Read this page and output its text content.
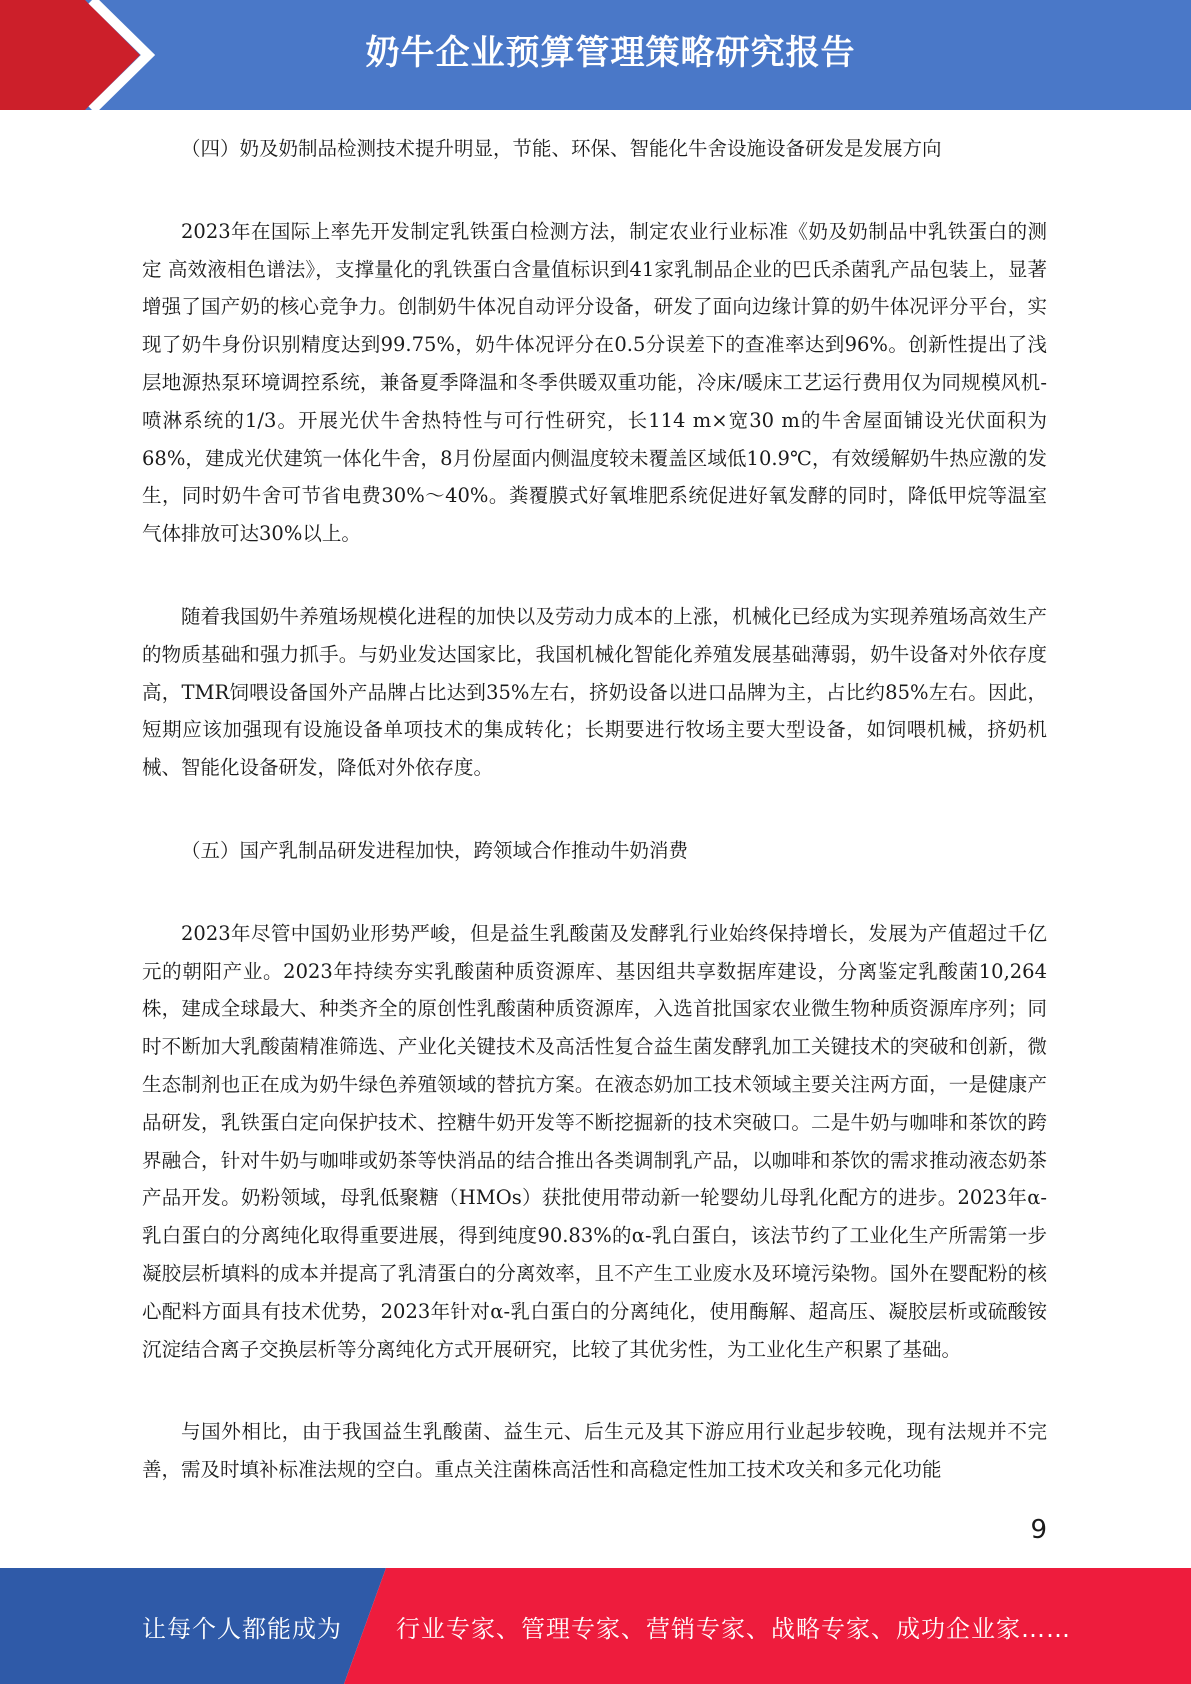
奶牛企业预算管理策略研究报告

（四）奶及奶制品检测技术提升明显，节能、环保、智能化牛舍设施设备研发是发展方向

2023年在国际上率先开发制定乳铁蛋白检测方法，制定农业行业标准《奶及奶制品中乳铁蛋白的测定 高效液相色谱法》，支撑量化的乳铁蛋白含量值标识到41家乳制品企业的巴氏杀菌乳产品包装上，显著增强了国产奶的核心竞争力。创制奶牛体况自动评分设备，研发了面向边缘计算的奶牛体况评分平台，实现了奶牛身份识别精度达到99.75%，奶牛体况评分在0.5分误差下的查准率达到96%。创新性提出了浅层地源热泵环境调控系统，兼备夏季降温和冬季供暖双重功能，冷床/暖床工艺运行费用仅为同规模风机-喷淋系统的1/3。开展光伏牛舍热特性与可行性研究，长114 m×宽30 m的牛舍屋面铺设光伏面积为68%，建成光伏建筑一体化牛舍，8月份屋面内侧温度较未覆盖区域低10.9℃，有效缓解奶牛热应激的发生，同时奶牛舍可节省电费30%～40%。粪覆膜式好氧堆肥系统促进好氧发酵的同时，降低甲烷等温室气体排放可达30%以上。

随着我国奶牛养殖场规模化进程的加快以及劳动力成本的上涨，机械化已经成为实现养殖场高效生产的物质基础和强力抓手。与奶业发达国家比，我国机械化智能化养殖发展基础薄弱，奶牛设备对外依存度高，TMR饲喂设备国外产品牌占比达到35%左右，挤奶设备以进口品牌为主，占比约85%左右。因此，短期应该加强现有设施设备单项技术的集成转化；长期要进行牧场主要大型设备，如饲喂机械，挤奶机械、智能化设备研发，降低对外依存度。

（五）国产乳制品研发进程加快，跨领域合作推动牛奶消费

2023年尽管中国奶业形势严峻，但是益生乳酸菌及发酵乳行业始终保持增长，发展为产值超过千亿元的朝阳产业。2023年持续夯实乳酸菌种质资源库、基因组共享数据库建设，分离鉴定乳酸菌10,264株，建成全球最大、种类齐全的原创性乳酸菌种质资源库，入选首批国家农业微生物种质资源库序列；同时不断加大乳酸菌精准筛选、产业化关键技术及高活性复合益生菌发酵乳加工关键技术的突破和创新，微生态制剂也正在成为奶牛绿色养殖领域的替抗方案。在液态奶加工技术领域主要关注两方面，一是健康产品研发，乳铁蛋白定向保护技术、控糖牛奶开发等不断挖掘新的技术突破口。二是牛奶与咖啡和茶饮的跨界融合，针对牛奶与咖啡或奶茶等快消品的结合推出各类调制乳产品，以咖啡和茶饮的需求推动液态奶茶产品开发。奶粉领域，母乳低聚糖（HMOs）获批使用带动新一轮婴幼儿母乳化配方的进步。2023年α-乳白蛋白的分离纯化取得重要进展，得到纯度90.83%的α-乳白蛋白，该法节约了工业化生产所需第一步凝胶层析填料的成本并提高了乳清蛋白的分离效率，且不产生工业废水及环境污染物。国外在婴配粉的核心配料方面具有技术优势，2023年针对α-乳白蛋白的分离纯化，使用酶解、超高压、凝胶层析或硫酸铵沉淀结合离子交换层析等分离纯化方式开展研究，比较了其优劣性，为工业化生产积累了基础。

与国外相比，由于我国益生乳酸菌、益生元、后生元及其下游应用行业起步较晚，现有法规并不完善，需及时填补标准法规的空白。重点关注菌株高活性和高稳定性加工技术攻关和多元化功能

9
让每个人都能成为 行业专家、管理专家、营销专家、战略专家、成功企业家……
